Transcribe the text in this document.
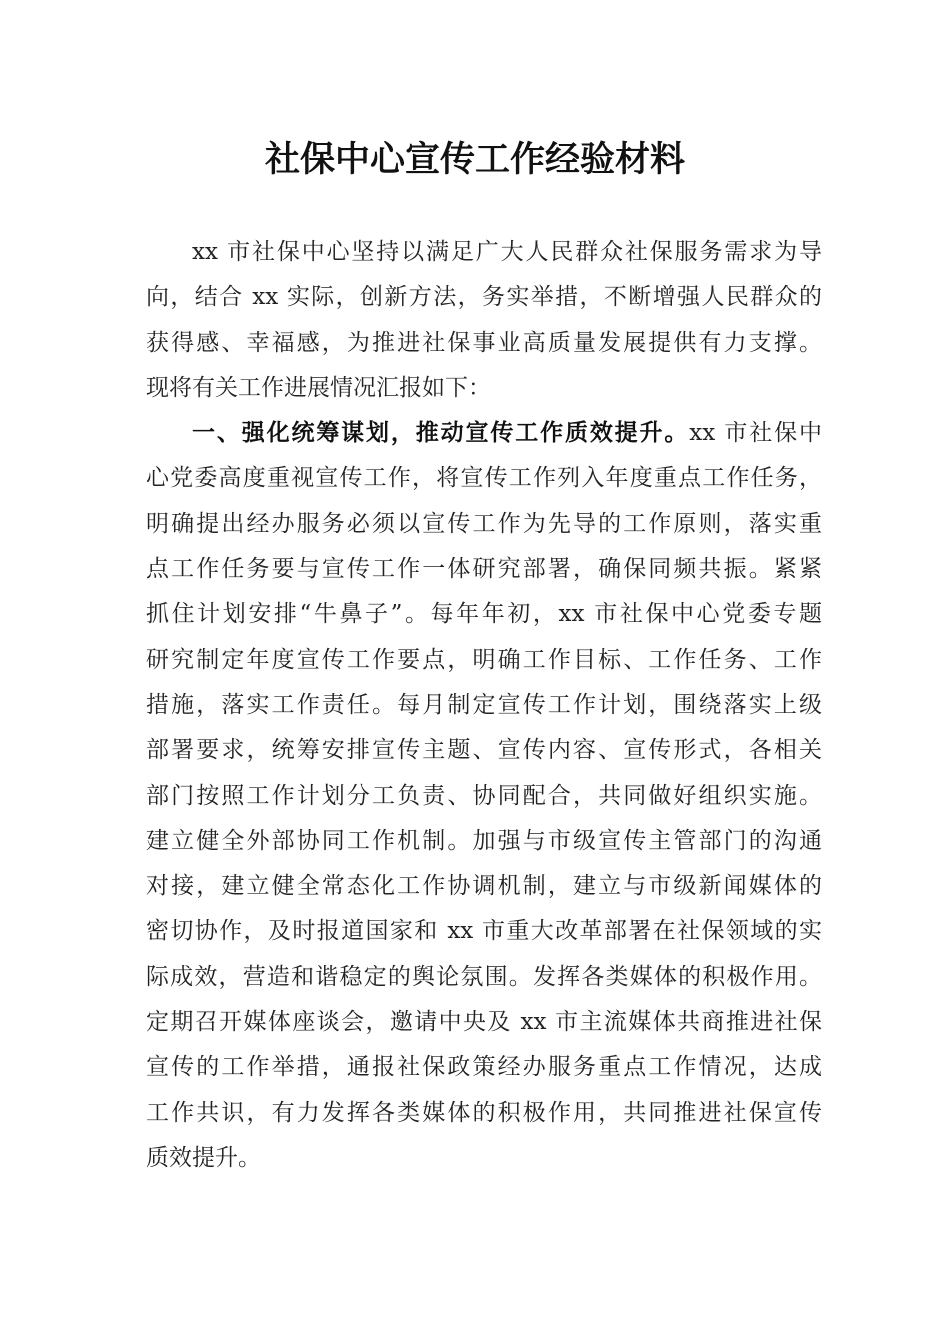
社保中心宣传工作经验材料
xx 市社保中心坚持以满足广大人民群众社保服务需求为导
向，结合 xx 实际，创新方法，务实举措，不断增强人民群众的
获得感、幸福感，为推进社保事业高质量发展提供有力支撑。
现将有关工作进展情况汇报如下：
一、强化统筹谋划，推动宣传工作质效提升。xx 市社保中
心党委高度重视宣传工作，将宣传工作列入年度重点工作任务，
明确提出经办服务必须以宣传工作为先导的工作原则，落实重
点工作任务要与宣传工作一体研究部署，确保同频共振。紧紧
抓住计划安排“牛鼻子”。每年年初，xx 市社保中心党委专题
研究制定年度宣传工作要点，明确工作目标、工作任务、工作
措施，落实工作责任。每月制定宣传工作计划，围绕落实上级
部署要求，统筹安排宣传主题、宣传内容、宣传形式，各相关
部门按照工作计划分工负责、协同配合，共同做好组织实施。
建立健全外部协同工作机制。加强与市级宣传主管部门的沟通
对接，建立健全常态化工作协调机制，建立与市级新闻媒体的
密切协作，及时报道国家和 xx 市重大改革部署在社保领域的实
际成效，营造和谐稳定的舆论氛围。发挥各类媒体的积极作用。
定期召开媒体座谈会，邀请中央及 xx 市主流媒体共商推进社保
宣传的工作举措，通报社保政策经办服务重点工作情况，达成
工作共识，有力发挥各类媒体的积极作用，共同推进社保宣传
质效提升。
